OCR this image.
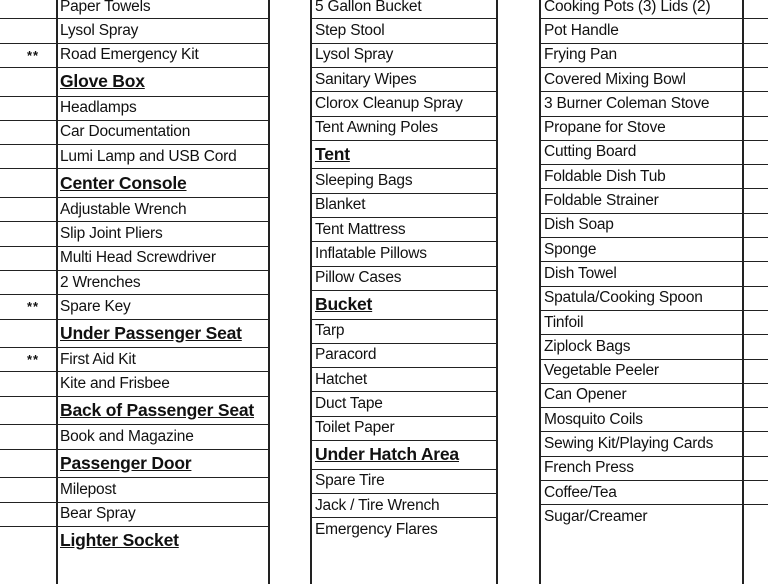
Paper Towels
Lysol Spray
Road Emergency Kit
**
Glove Box
Headlamps
Car Documentation
Lumi Lamp and USB Cord
Center Console
Adjustable Wrench
Slip Joint Pliers
Multi Head Screwdriver
2 Wrenches
Spare Key
**
Under Passenger Seat
First Aid Kit
**
Kite and Frisbee
Back of Passenger Seat
Book and Magazine
Passenger Door
Milepost
Bear Spray
Lighter Socket
5 Gallon Bucket
Step Stool
Lysol Spray
Sanitary Wipes
Clorox Cleanup Spray
Tent Awning Poles
Tent
Sleeping Bags
Blanket
Tent Mattress
Inflatable Pillows
Pillow Cases
Bucket
Tarp
Paracord
Hatchet
Duct Tape
Toilet Paper
Under Hatch Area
Spare Tire
Jack / Tire Wrench
Emergency Flares
Cooking Pots (3) Lids (2)
Pot Handle
Frying Pan
Covered Mixing Bowl
3 Burner Coleman Stove
Propane for Stove
Cutting Board
Foldable Dish Tub
Foldable Strainer
Dish Soap
Sponge
Dish Towel
Spatula/Cooking Spoon
Tinfoil
Ziplock Bags
Vegetable Peeler
Can Opener
Mosquito Coils
Sewing Kit/Playing Cards
French Press
Coffee/Tea
Sugar/Creamer
